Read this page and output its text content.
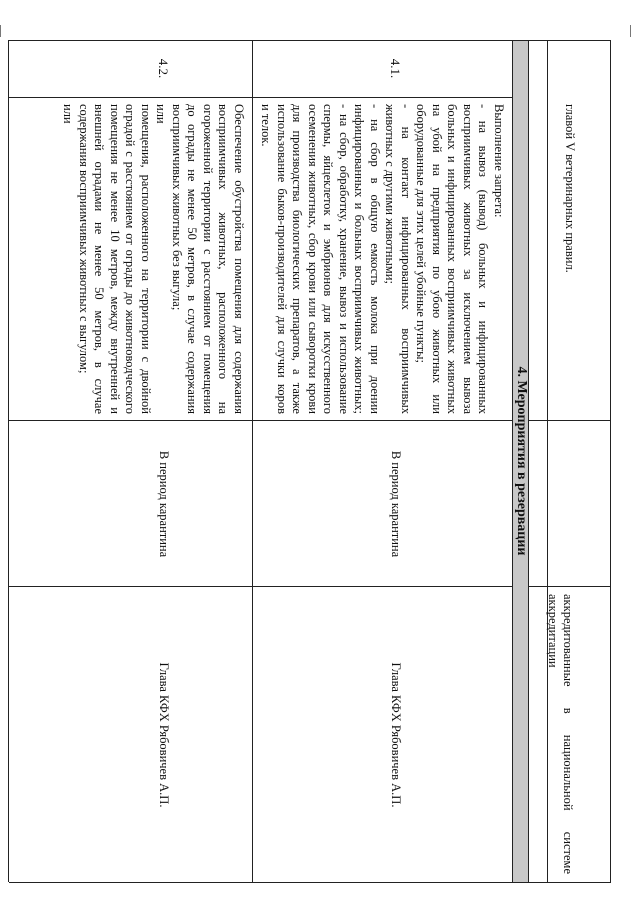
главой V ветеринарных правил.
аккредитованные в национальной системе
аккредитации
4. Мероприятия в резервации
4.1.
Выполнение запрета:
- на вывоз (вывод) больных и инфицированных
восприимчивых животных за исключением вывоза
больных и инфицированных восприимчивых животных
на убой на предприятия по убою животных или
оборудованные для этих целей убойные пункты;
- на контакт инфицированных восприимчивых
животных с другими животными;
- на сбор в общую емкость молока при доении
инфицированных и больных восприимчивых животных;
- на сбор, обработку, хранение, вывоз и использование
спермы, яйцеклеток и эмбрионов для искусственного
осеменения животных, сбор крови или сыворотки крови
для производства биологических препаратов, а также
использование быков-производителей для случки коров
и телок.
В период карантина
Глава КФХ Рябовичев А.П.
4.2.
Обеспечение обустройства помещения для содержания
восприимчивых животных, расположенного на
огороженной территории с расстоянием от помещения
до ограды не менее 50 метров, в случае содержания
восприимчивых животных без выгула;
или
помещения, расположенного на территории с двойной
оградой с расстоянием от ограды до животноводческого
помещения не менее 10 метров, между внутренней и
внешней оградами не менее 50 метров, в случае
содержания восприимчивых животных с выгулом;
или
В период карантина
Глава КФХ Рябовичев А.П.
